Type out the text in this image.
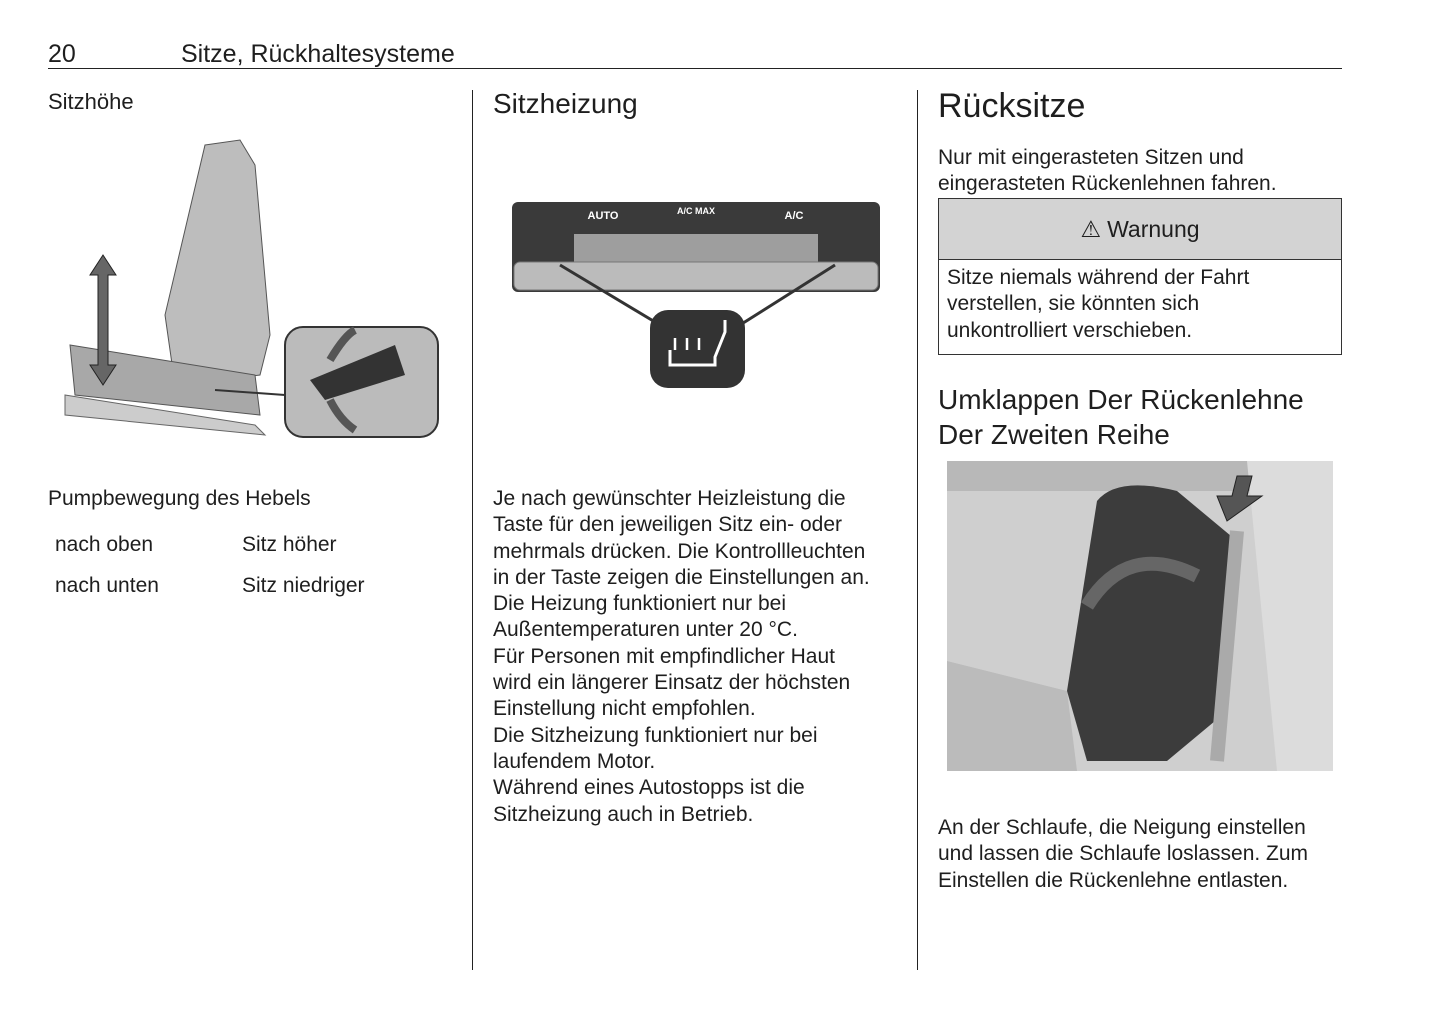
20	Sitze, Rückhaltesysteme
Sitzhöhe
Pumpbewegung des Hebels
nach oben	Sitz höher
nach unten	Sitz niedriger
Sitzheizung
AUTO	A/C MAX	A/C
Je nach gewünschter Heizleistung die
Taste für den jeweiligen Sitz ein- oder
mehrmals drücken. Die Kontrollleuchten
in der Taste zeigen die Einstellungen an.
Die Heizung funktioniert nur bei
Außentemperaturen unter 20 °C.
Für Personen mit empfindlicher Haut
wird ein längerer Einsatz der höchsten
Einstellung nicht empfohlen.
Die Sitzheizung funktioniert nur bei
laufendem Motor.
Während eines Autostopps ist die
Sitzheizung auch in Betrieb.
Rücksitze
Nur mit eingerasteten Sitzen und
eingerasteten Rückenlehnen fahren.
⚠ Warnung
Sitze niemals während der Fahrt
verstellen, sie könnten sich
unkontrolliert verschieben.
Umklappen Der Rückenlehne
Der Zweiten Reihe
An der Schlaufe, die Neigung einstellen
und lassen die Schlaufe loslassen. Zum
Einstellen die Rückenlehne entlasten.
